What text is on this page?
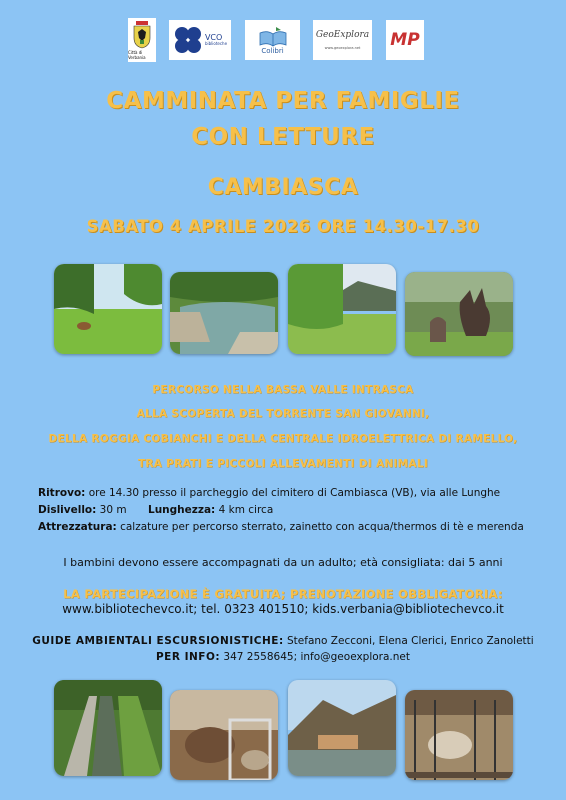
Città di Verbania
VCO
biblioteche
Colibrì
GeoExplora
www.geoexplora.net MP
CAMMINATA PER FAMIGLIE
CON LETTURE
CAMBIASCA
SABATO 4 APRILE 2026 ORE 14.30-17.30
PERCORSO NELLA BASSA VALLE INTRASCA
ALLA SCOPERTA DEL TORRENTE SAN GIOVANNI,
DELLA ROGGIA COBIANCHI E DELLA CENTRALE IDROELETTRICA DI RAMELLO,
TRA PRATI E PICCOLI ALLEVAMENTI DI ANIMALI
Ritrovo: ore 14.30 presso il parcheggio del cimitero di Cambiasca (VB), via alle Lunghe
Dislivello: 30 m Lunghezza: 4 km circa
Attrezzatura: calzature per percorso sterrato, zainetto con acqua/thermos di tè e merenda
I bambini devono essere accompagnati da un adulto; età consigliata: dai 5 anni
LA PARTECIPAZIONE È GRATUITA; PRENOTAZIONE OBBLIGATORIA:
www.bibliotechevco.it; tel. 0323 401510; kids.verbania@bibliotechevco.it
GUIDE AMBIENTALI ESCURSIONISTICHE: Stefano Zecconi, Elena Clerici, Enrico Zanoletti
PER INFO: 347 2558645; info@geoexplora.net
